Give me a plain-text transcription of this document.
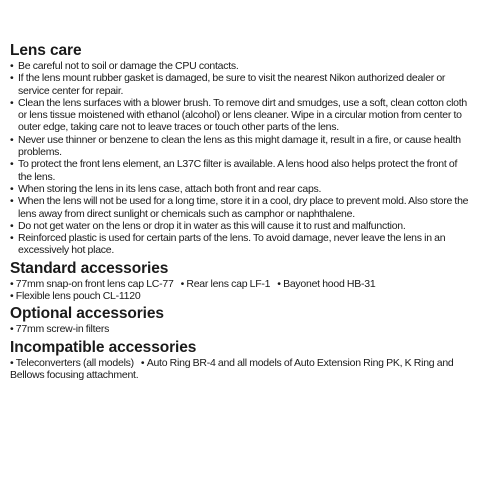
Lens care
• Be careful not to soil or damage the CPU contacts.
• If the lens mount rubber gasket is damaged, be sure to visit the nearest Nikon authorized dealer or service center for repair.
• Clean the lens surfaces with a blower brush. To remove dirt and smudges, use a soft, clean cotton cloth or lens tissue moistened with ethanol (alcohol) or lens cleaner. Wipe in a circular motion from center to outer edge, taking care not to leave traces or touch other parts of the lens.
• Never use thinner or benzene to clean the lens as this might damage it, result in a fire, or cause health problems.
• To protect the front lens element, an L37C filter is available. A lens hood also helps protect the front of the lens.
• When storing the lens in its lens case, attach both front and rear caps.
• When the lens will not be used for a long time, store it in a cool, dry place to prevent mold. Also store the lens away from direct sunlight or chemicals such as camphor or naphthalene.
• Do not get water on the lens or drop it in water as this will cause it to rust and malfunction.
• Reinforced plastic is used for certain parts of the lens. To avoid damage, never leave the lens in an excessively hot place.
Standard accessories
• 77mm snap-on front lens cap LC-77 • Rear lens cap LF-1 • Bayonet hood HB-31
• Flexible lens pouch CL-1120
Optional accessories
• 77mm screw-in filters
Incompatible accessories
• Teleconverters (all models) • Auto Ring BR-4 and all models of Auto Extension Ring PK, K Ring and Bellows focusing attachment.
